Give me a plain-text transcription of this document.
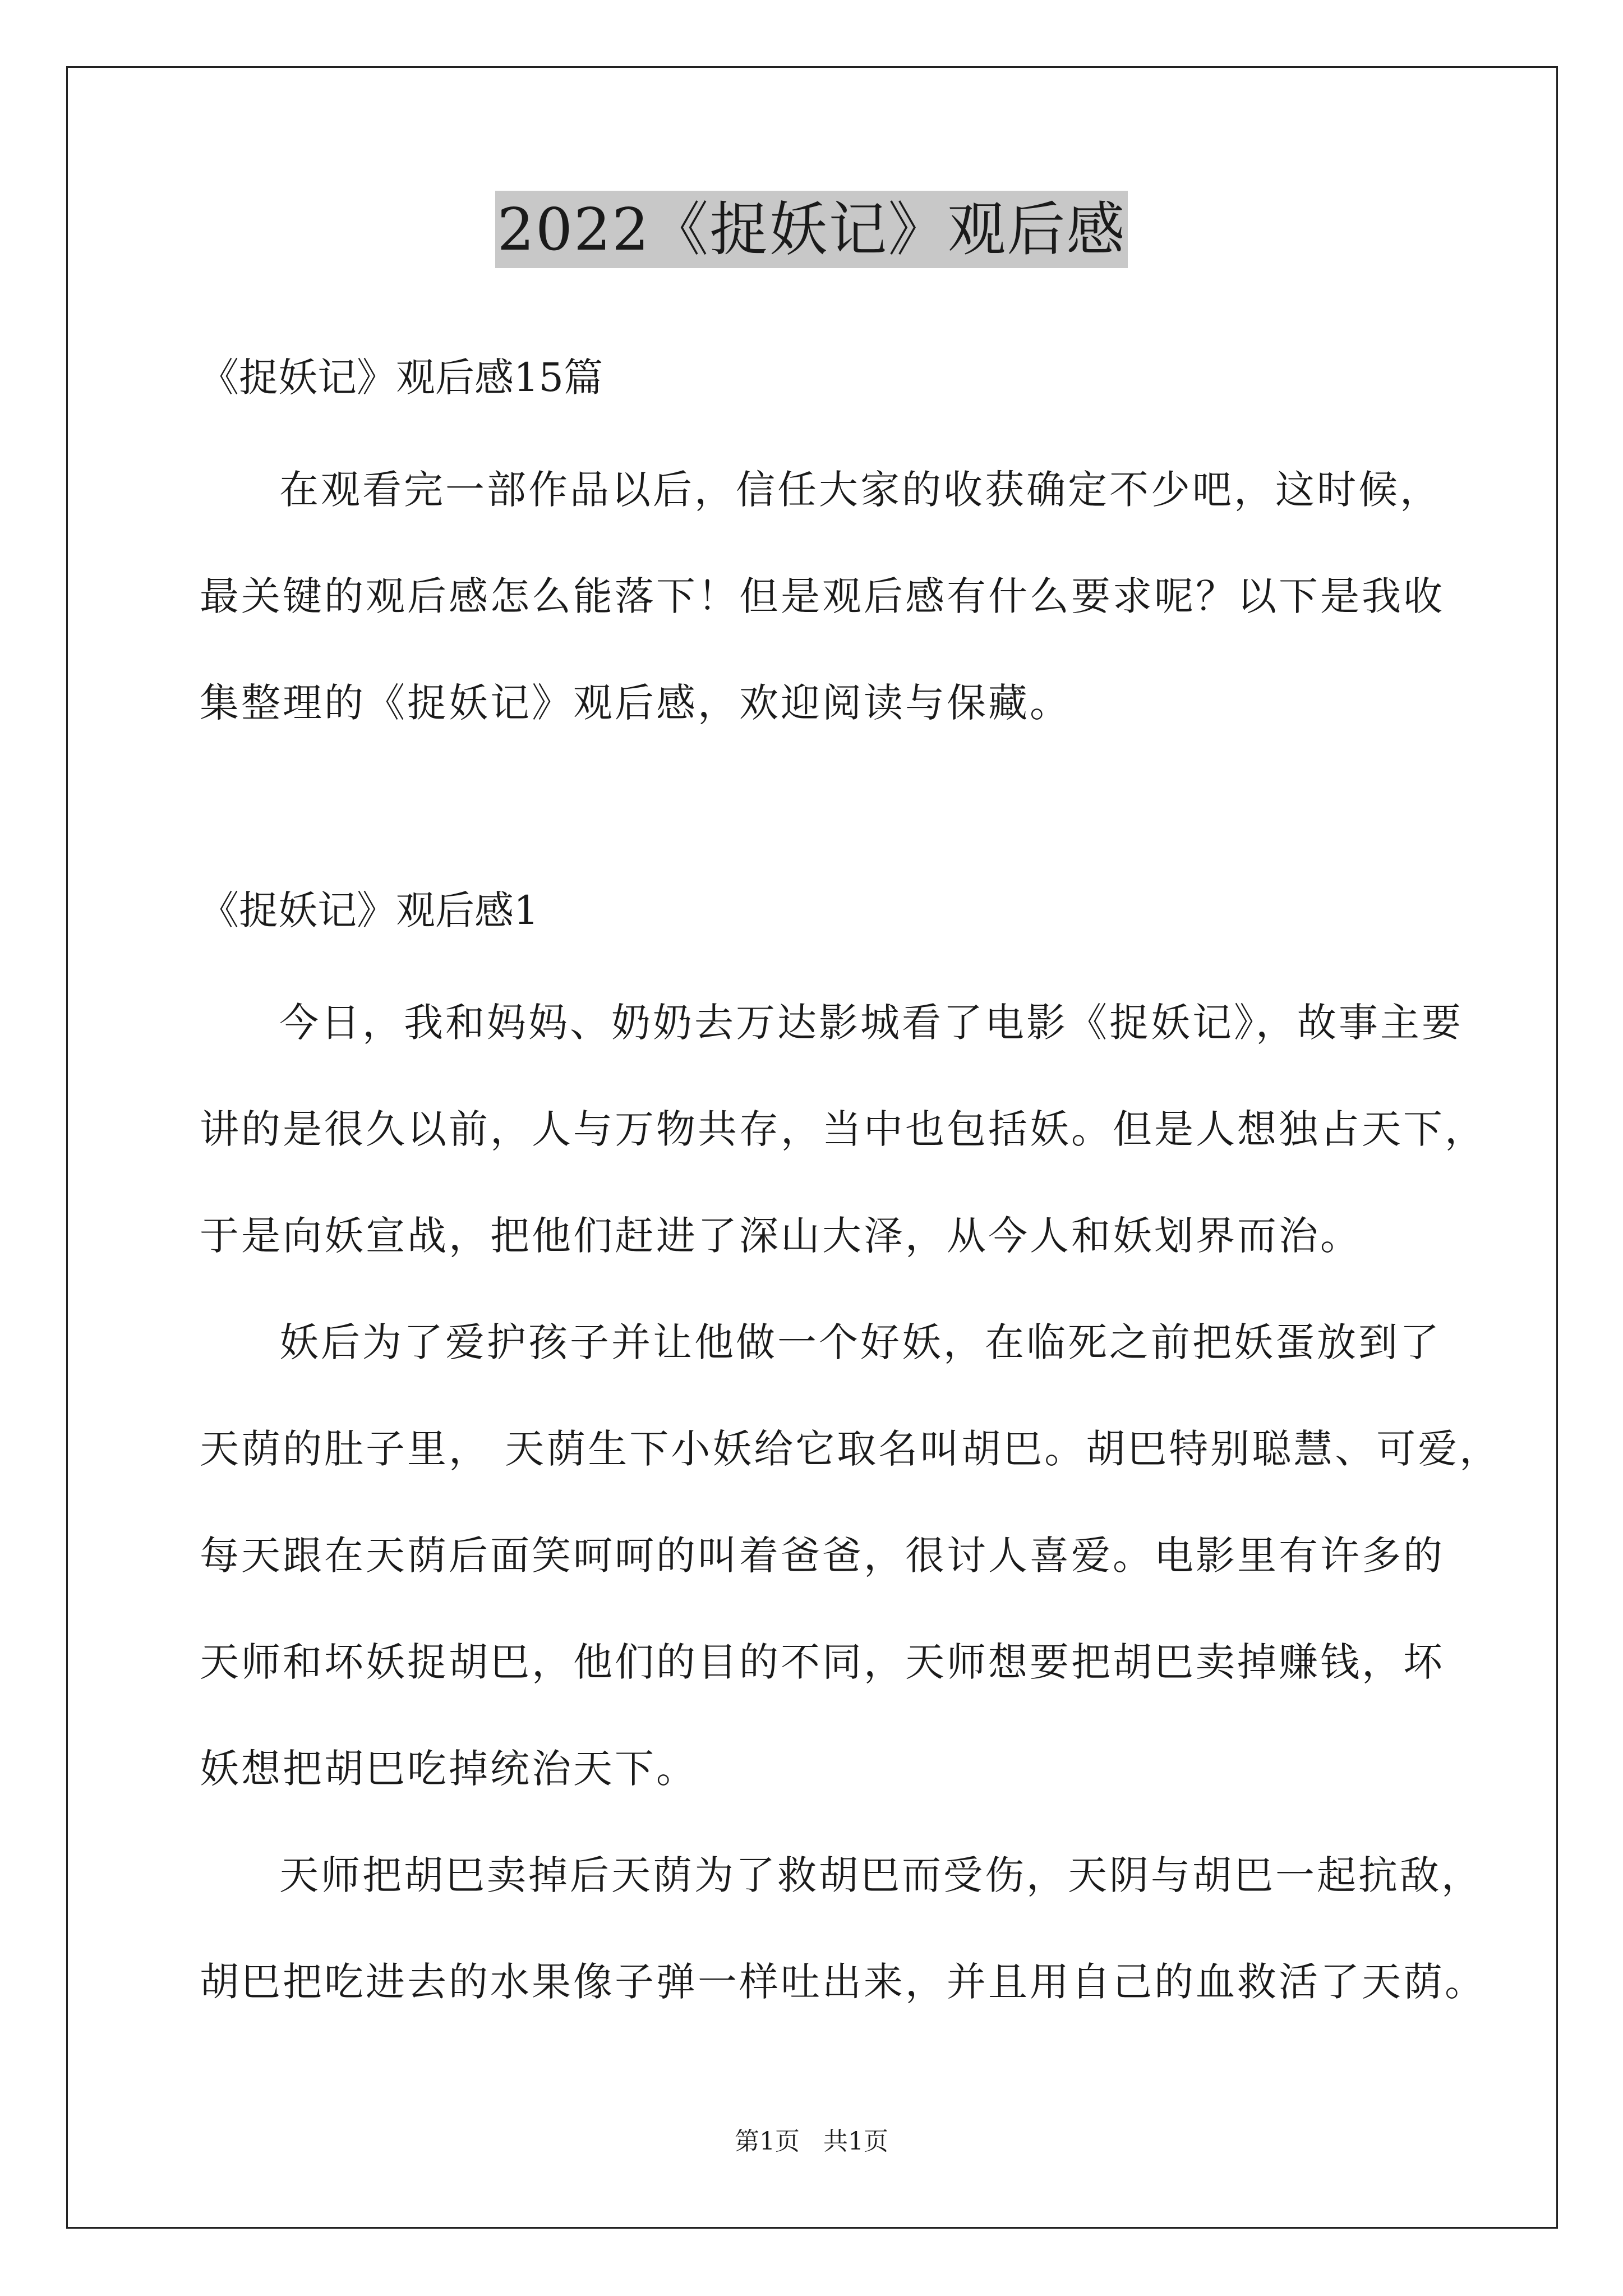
2022《捉妖记》观后感
《捉妖记》观后感15篇
在观看完一部作品以后，信任大家的收获确定不少吧，这时候，
最关键的观后感怎么能落下！但是观后感有什么要求呢？以下是我收
集整理的《捉妖记》观后感，欢迎阅读与保藏。
《捉妖记》观后感1
今日，我和妈妈、奶奶去万达影城看了电影《捉妖记》，故事主要
讲的是很久以前，人与万物共存，当中也包括妖。但是人想独占天下，
于是向妖宣战，把他们赶进了深山大泽，从今人和妖划界而治。
妖后为了爱护孩子并让他做一个好妖，在临死之前把妖蛋放到了
天荫的肚子里， 天荫生下小妖给它取名叫胡巴。胡巴特别聪慧、可爱，
每天跟在天荫后面笑呵呵的叫着爸爸，很讨人喜爱。电影里有许多的
天师和坏妖捉胡巴，他们的目的不同，天师想要把胡巴卖掉赚钱，坏
妖想把胡巴吃掉统治天下。
天师把胡巴卖掉后天荫为了救胡巴而受伤，天阴与胡巴一起抗敌，
胡巴把吃进去的水果像子弹一样吐出来，并且用自己的血救活了天荫。
第1页   共1页
